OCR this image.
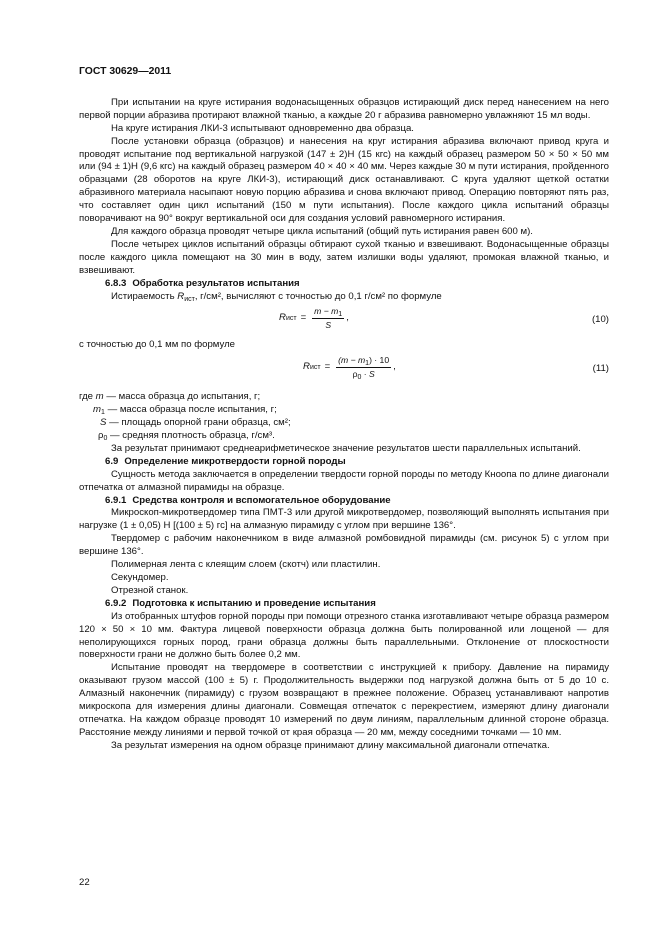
ГОСТ 30629—2011

При испытании на круге истирания водонасыщенных образцов истирающий диск перед нанесением на него первой порции абразива протирают влажной тканью, а каждые 20 г абразива равномерно увлажняют 15 мл воды.

На круге истирания ЛКИ-3 испытывают одновременно два образца.

После установки образца (образцов) и нанесения на круг истирания абразива включают привод круга и проводят испытание под вертикальной нагрузкой (147 ± 2)Н (15 кгс) на каждый образец размером 50 × 50 × 50 мм или (94 ± 1)Н (9,6 кгс) на каждый образец размером 40 × 40 × 40 мм. Через каждые 30 м пути истирания, пройденного образцами (28 оборотов на круге ЛКИ-3), истирающий диск останавливают. С круга удаляют щеткой остатки абразивного материала насыпают новую порцию абразива и снова включают привод. Операцию повторяют пять раз, что составляет один цикл испытаний (150 м пути испытания). После каждого цикла испытаний образцы поворачивают на 90° вокруг вертикальной оси для создания условий равномерного истирания.

Для каждого образца проводят четыре цикла испытаний (общий путь истирания равен 600 м).

После четырех циклов испытаний образцы обтирают сухой тканью и взвешивают. Водонасыщенные образцы после каждого цикла помещают на 30 мин в воду, затем излишки воды удаляют, промокая влажной тканью, и взвешивают.

6.8.3 Обработка результатов испытания

Истираемость $R_{ист}$, г/см², вычисляют с точностью до 0,1 г/см² по формуле

R ист = $\frac{m - m_1}{S}$ ,	(10)

с точностью до 0,1 мм по формуле

R ист = $\frac{(m - m_1) \cdot 10}{\rho_0 \cdot S}$ ,	(11)

где m — масса образца до испытания, г;

$m_1$ — масса образца после испытания, г;

S — площадь опорной грани образца, см²;

$\rho_0$ — средняя плотность образца, г/см³.

За результат принимают среднеарифметическое значение результатов шести параллельных испытаний.

6.9 Определение микротвердости горной породы

Сущность метода заключается в определении твердости горной породы по методу Кноопа по длине диагонали отпечатка от алмазной пирамиды на образце.

6.9.1 Средства контроля и вспомогательное оборудование

Микроскоп-микротвердомер типа ПМТ-3 или другой микротвердомер, позволяющий выполнять испытания при нагрузке (1 ± 0,05) Н [(100 ± 5) гс] на алмазную пирамиду с углом при вершине 136°.

Твердомер с рабочим наконечником в виде алмазной ромбовидной пирамиды (см. рисунок 5) с углом при вершине 136°.

Полимерная лента с клеящим слоем (скотч) или пластилин.

Секундомер.

Отрезной станок.

6.9.2 Подготовка к испытанию и проведение испытания

Из отобранных штуфов горной породы при помощи отрезного станка изготавливают четыре образца размером 120 × 50 × 10 мм. Фактура лицевой поверхности образца должна быть полированной или лощеной — для неполирующихся горных пород, грани образца должны быть параллельными. Отклонение от плоскостности поверхности грани не должно быть более 0,2 мм.

Испытание проводят на твердомере в соответствии с инструкцией к прибору. Давление на пирамиду оказывают грузом массой (100 ± 5) г. Продолжительность выдержки под нагрузкой должна быть от 5 до 10 с. Алмазный наконечник (пирамиду) с грузом возвращают в прежнее положение. Образец устанавливают напротив микроскопа для измерения длины диагонали. Совмещая отпечаток с перекрестием, измеряют длину диагонали отпечатка. На каждом образце проводят 10 измерений по двум линиям, параллельным длинной стороне образца. Расстояние между линиями и первой точкой от края образца — 20 мм, между соседними точками — 10 мм.

За результат измерения на одном образце принимают длину максимальной диагонали отпечатка.

22
